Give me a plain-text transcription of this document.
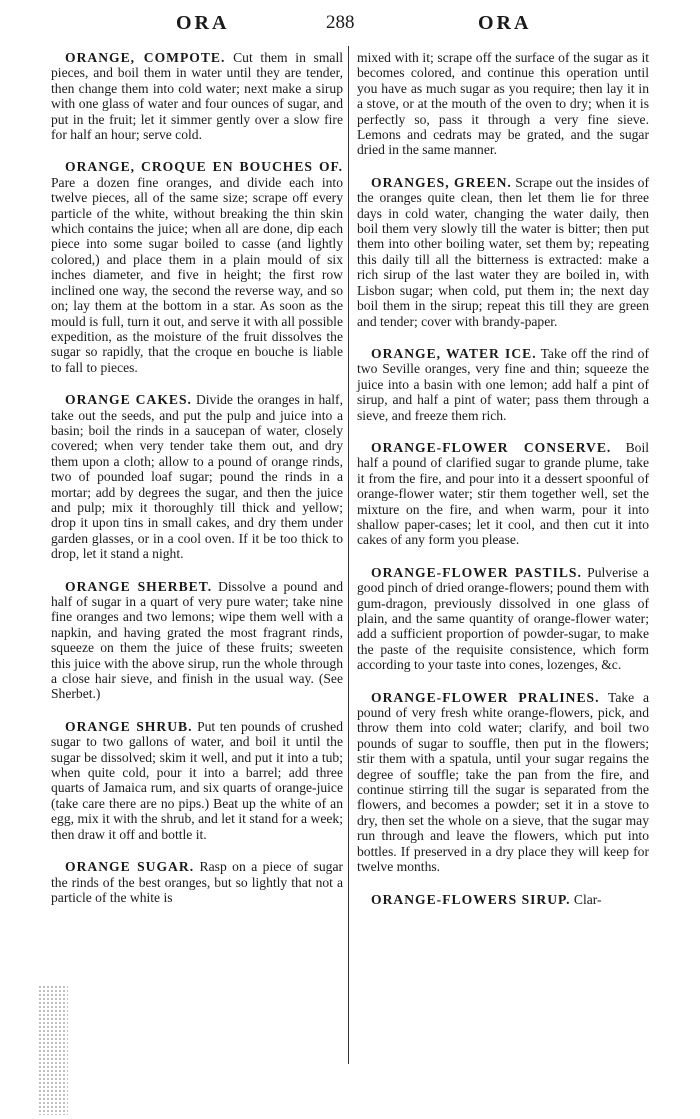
ORA	288	ORA

ORANGE, COMPOTE. Cut them in small pieces, and boil them in water until they are tender, then change them into cold water; next make a sirup with one glass of water and four ounces of sugar, and put in the fruit; let it simmer gently over a slow fire for half an hour; serve cold.

ORANGE, CROQUE EN BOUCHES OF. Pare a dozen fine oranges, and divide each into twelve pieces, all of the same size; scrape off every particle of the white, without breaking the thin skin which contains the juice; when all are done, dip each piece into some sugar boiled to casse (and lightly colored,) and place them in a plain mould of six inches diameter, and five in height; the first row inclined one way, the second the reverse way, and so on; lay them at the bottom in a star. As soon as the mould is full, turn it out, and serve it with all possible expedition, as the moisture of the fruit dissolves the sugar so rapidly, that the croque en bouche is liable to fall to pieces.

ORANGE CAKES. Divide the oranges in half, take out the seeds, and put the pulp and juice into a basin; boil the rinds in a saucepan of water, closely covered; when very tender take them out, and dry them upon a cloth; allow to a pound of orange rinds, two of pounded loaf sugar; pound the rinds in a mortar; add by degrees the sugar, and then the juice and pulp; mix it thoroughly till thick and yellow; drop it upon tins in small cakes, and dry them under garden glasses, or in a cool oven. If it be too thick to drop, let it stand a night.

ORANGE SHERBET. Dissolve a pound and half of sugar in a quart of very pure water; take nine fine oranges and two lemons; wipe them well with a napkin, and having grated the most fragrant rinds, squeeze on them the juice of these fruits; sweeten this juice with the above sirup, run the whole through a close hair sieve, and finish in the usual way. (See Sherbet.)

ORANGE SHRUB. Put ten pounds of crushed sugar to two gallons of water, and boil it until the sugar be dissolved; skim it well, and put it into a tub; when quite cold, pour it into a barrel; add three quarts of Jamaica rum, and six quarts of orange-juice (take care there are no pips.) Beat up the white of an egg, mix it with the shrub, and let it stand for a week; then draw it off and bottle it.

ORANGE SUGAR. Rasp on a piece of sugar the rinds of the best oranges, but so lightly that not a particle of the white is

mixed with it; scrape off the surface of the sugar as it becomes colored, and continue this operation until you have as much sugar as you require; then lay it in a stove, or at the mouth of the oven to dry; when it is perfectly so, pass it through a very fine sieve. Lemons and cedrats may be grated, and the sugar dried in the same manner.

ORANGES, GREEN. Scrape out the insides of the oranges quite clean, then let them lie for three days in cold water, changing the water daily, then boil them very slowly till the water is bitter; then put them into other boiling water, set them by; repeating this daily till all the bitterness is extracted: make a rich sirup of the last water they are boiled in, with Lisbon sugar; when cold, put them in; the next day boil them in the sirup; repeat this till they are green and tender; cover with brandy-paper.

ORANGE, WATER ICE. Take off the rind of two Seville oranges, very fine and thin; squeeze the juice into a basin with one lemon; add half a pint of sirup, and half a pint of water; pass them through a sieve, and freeze them rich.

ORANGE-FLOWER CONSERVE. Boil half a pound of clarified sugar to grande plume, take it from the fire, and pour into it a dessert spoonful of orange-flower water; stir them together well, set the mixture on the fire, and when warm, pour it into shallow paper-cases; let it cool, and then cut it into cakes of any form you please.

ORANGE-FLOWER PASTILS. Pulverise a good pinch of dried orange-flowers; pound them with gum-dragon, previously dissolved in one glass of plain, and the same quantity of orange-flower water; add a sufficient proportion of powder-sugar, to make the paste of the requisite consistence, which form according to your taste into cones, lozenges, &c.

ORANGE-FLOWER PRALINES. Take a pound of very fresh white orange-flowers, pick, and throw them into cold water; clarify, and boil two pounds of sugar to souffle, then put in the flowers; stir them with a spatula, until your sugar regains the degree of souffle; take the pan from the fire, and continue stirring till the sugar is separated from the flowers, and becomes a powder; set it in a stove to dry, then set the whole on a sieve, that the sugar may run through and leave the flowers, which put into bottles. If preserved in a dry place they will keep for twelve months.

ORANGE-FLOWERS SIRUP. Clar-
